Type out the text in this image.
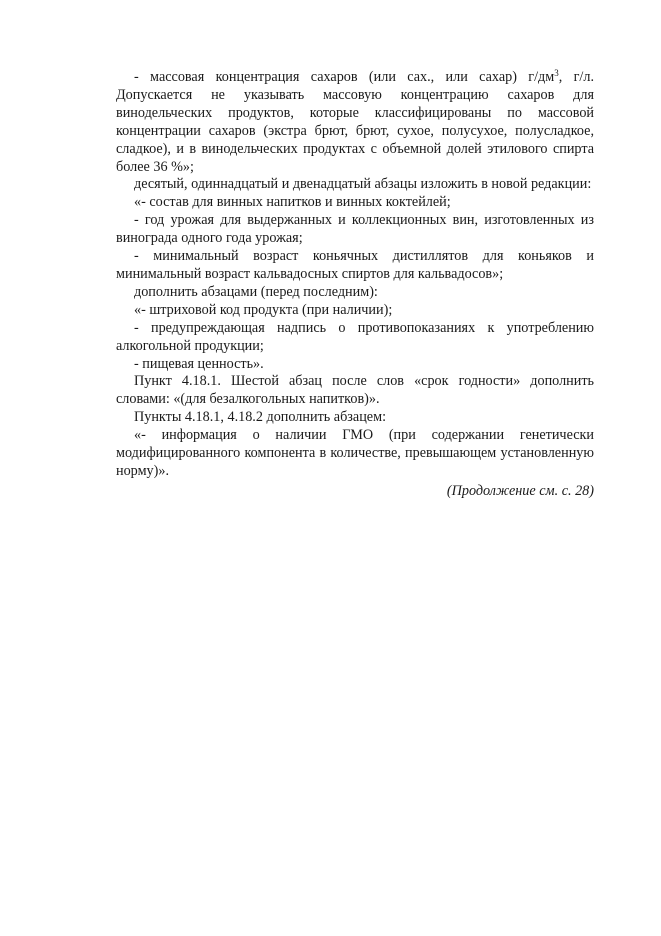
- массовая концентрация сахаров (или сах., или сахар) $г/дм^3$, г/л. Допускается не указывать массовую концентрацию сахаров для винодельческих продуктов, которые классифицированы по массовой концентрации сахаров (экстра брют, брют, сухое, полусухое, полусладкое, сладкое), и в винодельческих продуктах с объемной долей этилового спирта более 36 %»;

десятый, одиннадцатый и двенадцатый абзацы изложить в новой редакции:

«- состав для винных напитков и винных коктейлей;

- год урожая для выдержанных и коллекционных вин, изготовленных из винограда одного года урожая;

- минимальный возраст коньячных дистиллятов для коньяков и минимальный возраст кальвадосных спиртов для кальвадосов»;

дополнить абзацами (перед последним):

«- штриховой код продукта (при наличии);

- предупреждающая надпись о противопоказаниях к употреблению алкогольной продукции;

- пищевая ценность».

Пункт 4.18.1. Шестой абзац после слов «срок годности» дополнить словами: «(для безалкогольных напитков)».

Пункты 4.18.1, 4.18.2 дополнить абзацем:

«- информация о наличии ГМО (при содержании генетически модифицированного компонента в количестве, превышающем установленную норму)».

(Продолжение см. с. 28)
